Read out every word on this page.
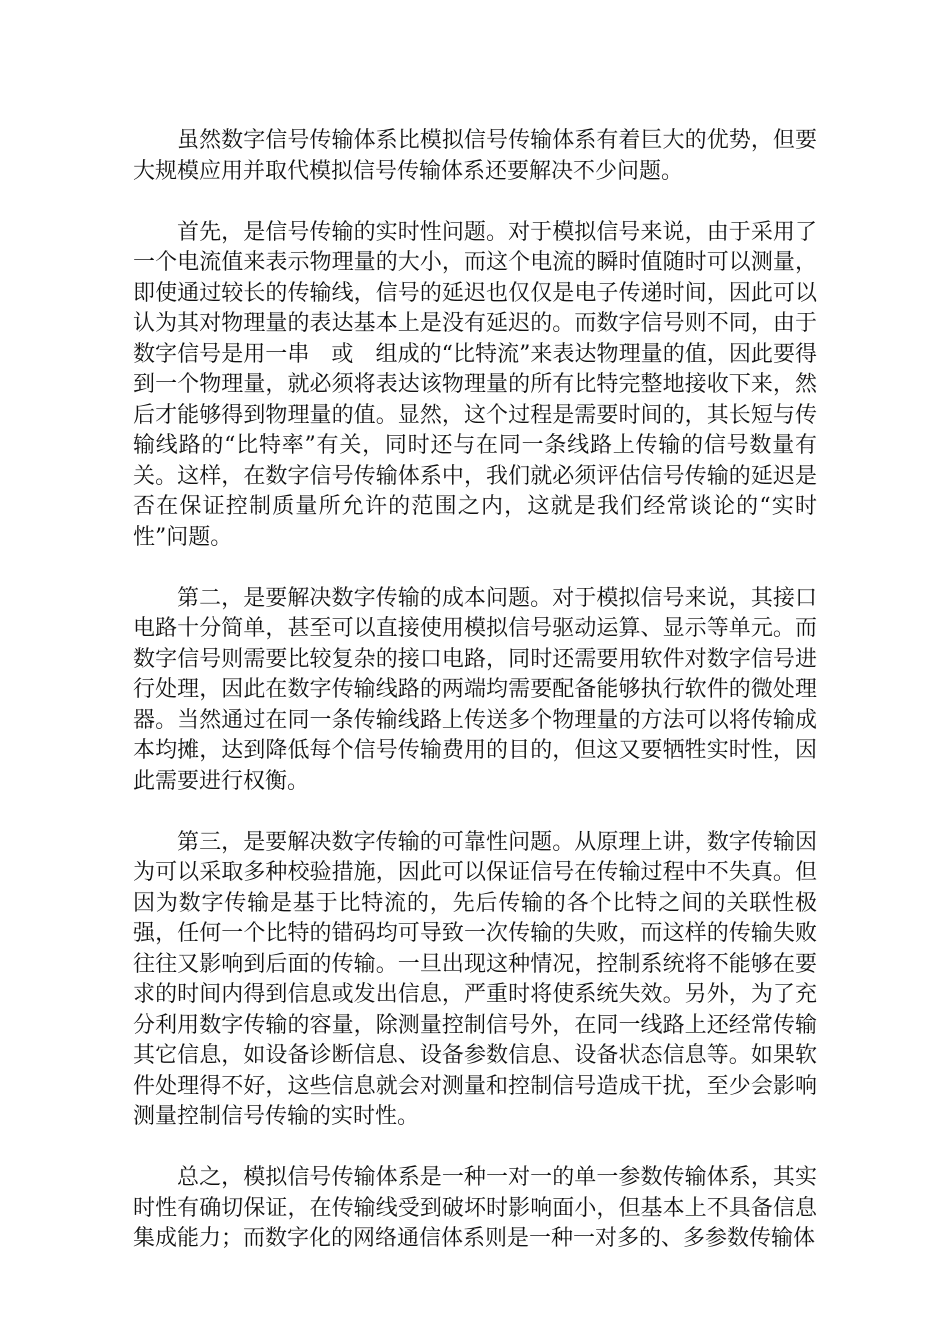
虽然数字信号传输体系比模拟信号传输体系有着巨大的优势，但要大规模应用并取代模拟信号传输体系还要解决不少问题。

首先，是信号传输的实时性问题。对于模拟信号来说，由于采用了一个电流值来表示物理量的大小，而这个电流的瞬时值随时可以测量，即使通过较长的传输线，信号的延迟也仅仅是电子传递时间，因此可以认为其对物理量的表达基本上是没有延迟的。而数字信号则不同，由于数字信号是用一串　或　组成的“比特流”来表达物理量的值，因此要得到一个物理量，就必须将表达该物理量的所有比特完整地接收下来，然后才能够得到物理量的值。显然，这个过程是需要时间的，其长短与传输线路的“比特率”有关，同时还与在同一条线路上传输的信号数量有关。这样，在数字信号传输体系中，我们就必须评估信号传输的延迟是否在保证控制质量所允许的范围之内，这就是我们经常谈论的“实时性”问题。

第二，是要解决数字传输的成本问题。对于模拟信号来说，其接口电路十分简单，甚至可以直接使用模拟信号驱动运算、显示等单元。而数字信号则需要比较复杂的接口电路，同时还需要用软件对数字信号进行处理，因此在数字传输线路的两端均需要配备能够执行软件的微处理器。当然通过在同一条传输线路上传送多个物理量的方法可以将传输成本均摊，达到降低每个信号传输费用的目的，但这又要牺牲实时性，因此需要进行权衡。

第三，是要解决数字传输的可靠性问题。从原理上讲，数字传输因为可以采取多种校验措施，因此可以保证信号在传输过程中不失真。但因为数字传输是基于比特流的，先后传输的各个比特之间的关联性极强，任何一个比特的错码均可导致一次传输的失败，而这样的传输失败往往又影响到后面的传输。一旦出现这种情况，控制系统将不能够在要求的时间内得到信息或发出信息，严重时将使系统失效。另外，为了充分利用数字传输的容量，除测量控制信号外，在同一线路上还经常传输其它信息，如设备诊断信息、设备参数信息、设备状态信息等。如果软件处理得不好，这些信息就会对测量和控制信号造成干扰，至少会影响测量控制信号传输的实时性。

总之，模拟信号传输体系是一种一对一的单一参数传输体系，其实时性有确切保证，在传输线受到破坏时影响面小，但基本上不具备信息集成能力；而数字化的网络通信体系则是一种一对多的、多参数传输体
